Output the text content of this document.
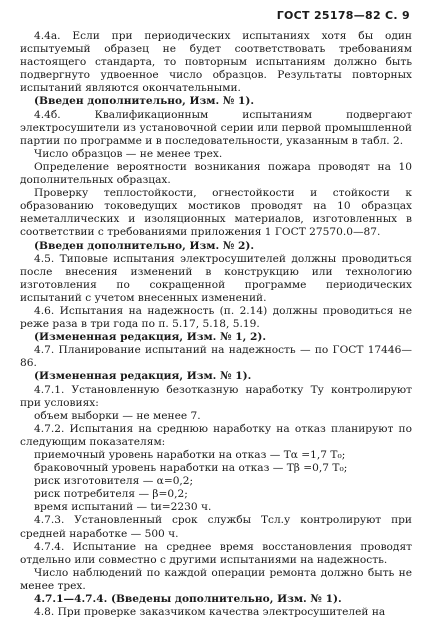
ГОСТ 25178—82 С. 9

4.4а. Если при периодических испытаниях хотя бы один испытуемый образец не будет соответствовать требованиям настоящего стандарта, то повторным испытаниям должно быть подвергнуто удвоенное число образцов. Результаты повторных испытаний являются окончательными.

(Введен дополнительно, Изм. № 1).

4.4б. Квалификационным испытаниям подвергают электросушители из установочной серии или первой промышленной партии по программе и в последовательности, указанным в табл. 2.

Число образцов — не менее трех.

Определение вероятности возникания пожара проводят на 10 дополнительных образцах.

Проверку теплостойкости, огнестойкости и стойкости к образованию токоведущих мостиков проводят на 10 образцах неметаллических и изоляционных материалов, изготовленных в соответствии с требованиями приложения 1 ГОСТ 27570.0—87.

(Введен дополнительно, Изм. № 2).

4.5. Типовые испытания электросушителей должны проводиться после внесения изменений в конструкцию или технологию изготовления по сокращенной программе периодических испытаний с учетом внесенных изменений.

4.6. Испытания на надежность (п. 2.14) должны проводиться не реже раза в три года по п. 5.17, 5.18, 5.19.

(Измененная редакция, Изм. № 1, 2).

4.7. Планирование испытаний на надежность — по ГОСТ 17446—86.

(Измененная редакция, Изм. № 1).

4.7.1. Установленную безотказную наработку Tу контролируют при условиях:

объем выборки — не менее 7.

4.7.2. Испытания на среднюю наработку на отказ планируют по следующим показателям:

приемочный уровень наработки на отказ — Tα =1,7 T₀;

браковочный уровень наработки на отказ — Tβ =0,7 T₀;

риск изготовителя — α=0,2;

риск потребителя — β=0,2;

время испытаний — tи=2230 ч.

4.7.3. Установленный срок службы Tсл.у контролируют при средней наработке — 500 ч.

4.7.4. Испытание на среднее время восстановления проводят отдельно или совместно с другими испытаниями на надежность.

Число наблюдений по каждой операции ремонта должно быть не менее трех.

4.7.1—4.7.4. (Введены дополнительно, Изм. № 1).

4.8. При проверке заказчиком качества электросушителей на
